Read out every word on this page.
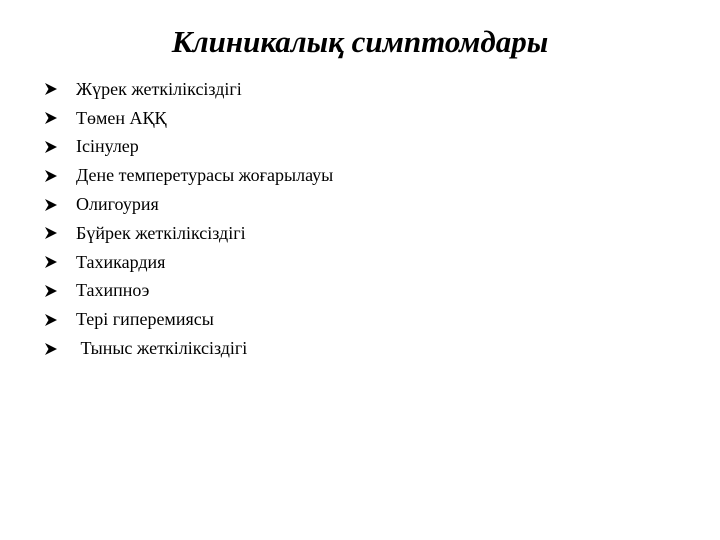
Клиникалық симптомдары
Жүрек жеткіліксіздігі
Төмен АҚҚ
Ісінулер
Дене темпeретурасы жоғарылауы
Олигоурия
Бүйрек жеткіліксіздігі
Тахикардия
Тахипноэ
Тері гиперемиясы
Тыныс жеткіліксіздігі
